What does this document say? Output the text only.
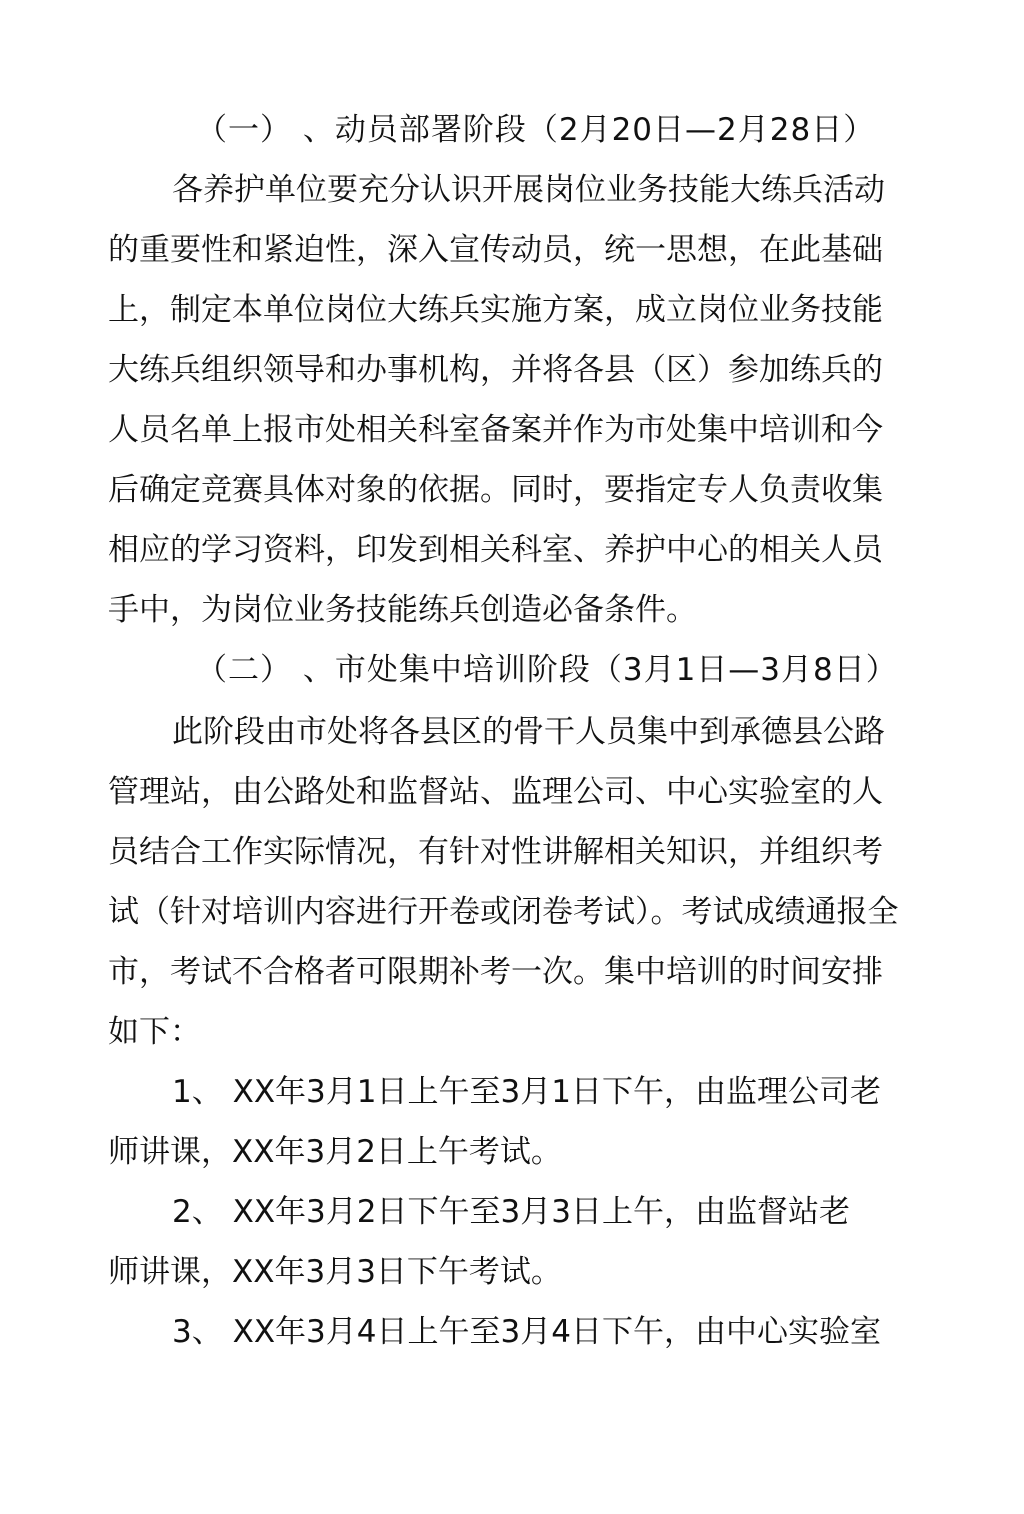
（一） 、动员部署阶段（2月20日—2月28日）
各养护单位要充分认识开展岗位业务技能大练兵活动
的重要性和紧迫性，深入宣传动员，统一思想，在此基础
上，制定本单位岗位大练兵实施方案，成立岗位业务技能
大练兵组织领导和办事机构，并将各县（区）参加练兵的
人员名单上报市处相关科室备案并作为市处集中培训和今
后确定竞赛具体对象的依据。同时，要指定专人负责收集
相应的学习资料，印发到相关科室、养护中心的相关人员
手中，为岗位业务技能练兵创造必备条件。
（二） 、市处集中培训阶段（3月1日—3月8日）
此阶段由市处将各县区的骨干人员集中到承德县公路
管理站，由公路处和监督站、监理公司、中心实验室的人
员结合工作实际情况，有针对性讲解相关知识，并组织考
试（针对培训内容进行开卷或闭卷考试）。考试成绩通报全
市，考试不合格者可限期补考一次。集中培训的时间安排
如下：
1、 XX年3月1日上午至3月1日下午，由监理公司老
师讲课，XX年3月2日上午考试。
2、 XX年3月2日下午至3月3日上午，由监督站老
师讲课，XX年3月3日下午考试。
3、 XX年3月4日上午至3月4日下午，由中心实验室
